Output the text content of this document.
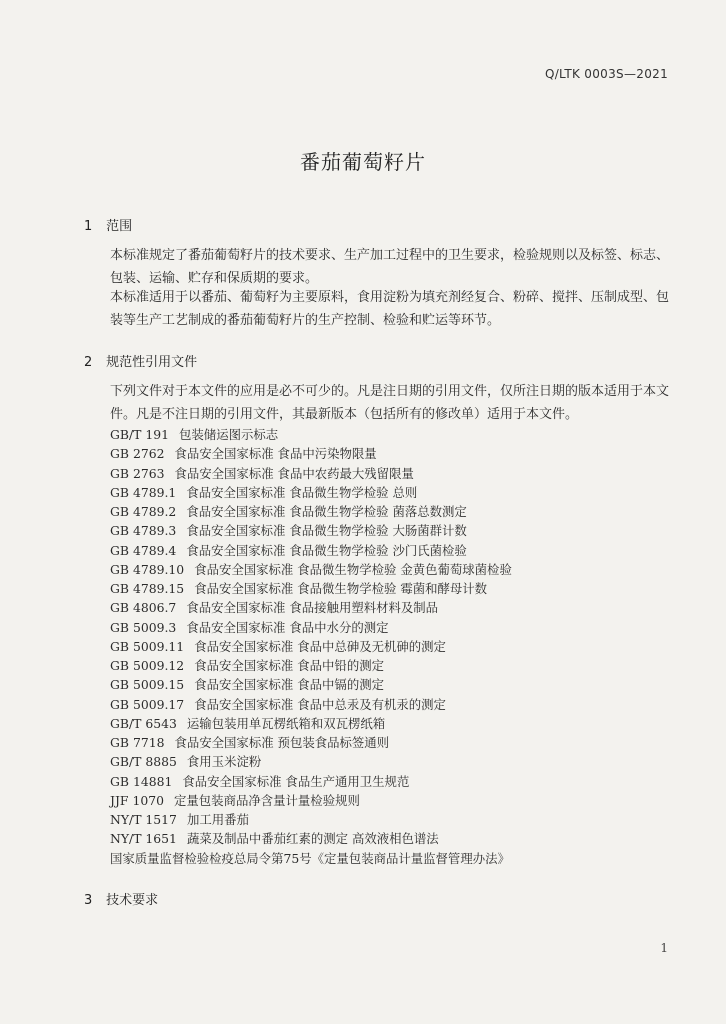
Q/LTK 0003S—2021
番茄葡萄籽片
1 范围
本标准规定了番茄葡萄籽片的技术要求、生产加工过程中的卫生要求，检验规则以及标签、标志、包装、运输、贮存和保质期的要求。
本标准适用于以番茄、葡萄籽为主要原料，食用淀粉为填充剂经复合、粉碎、搅拌、压制成型、包装等生产工艺制成的番茄葡萄籽片的生产控制、检验和贮运等环节。
2 规范性引用文件
下列文件对于本文件的应用是必不可少的。凡是注日期的引用文件，仅所注日期的版本适用于本文件。凡是不注日期的引用文件，其最新版本（包括所有的修改单）适用于本文件。
GB/T 191 包装储运图示标志
GB 2762 食品安全国家标准 食品中污染物限量
GB 2763 食品安全国家标准 食品中农药最大残留限量
GB 4789.1 食品安全国家标准 食品微生物学检验 总则
GB 4789.2 食品安全国家标准 食品微生物学检验 菌落总数测定
GB 4789.3 食品安全国家标准 食品微生物学检验 大肠菌群计数
GB 4789.4 食品安全国家标准 食品微生物学检验 沙门氏菌检验
GB 4789.10 食品安全国家标准 食品微生物学检验 金黄色葡萄球菌检验
GB 4789.15 食品安全国家标准 食品微生物学检验 霉菌和酵母计数
GB 4806.7 食品安全国家标准 食品接触用塑料材料及制品
GB 5009.3 食品安全国家标准 食品中水分的测定
GB 5009.11 食品安全国家标准 食品中总砷及无机砷的测定
GB 5009.12 食品安全国家标准 食品中铅的测定
GB 5009.15 食品安全国家标准 食品中镉的测定
GB 5009.17 食品安全国家标准 食品中总汞及有机汞的测定
GB/T 6543 运输包装用单瓦楞纸箱和双瓦楞纸箱
GB 7718 食品安全国家标准 预包装食品标签通则
GB/T 8885 食用玉米淀粉
GB 14881 食品安全国家标准 食品生产通用卫生规范
JJF 1070 定量包装商品净含量计量检验规则
NY/T 1517 加工用番茄
NY/T 1651 蔬菜及制品中番茄红素的测定 高效液相色谱法
国家质量监督检验检疫总局令第75号《定量包装商品计量监督管理办法》
3 技术要求
1
